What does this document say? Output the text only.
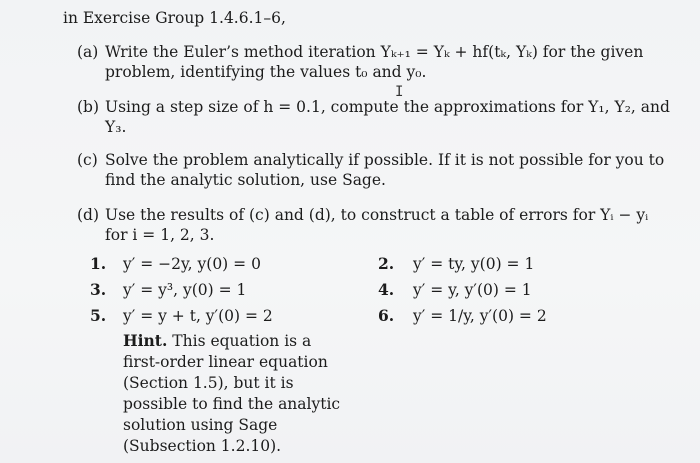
in Exercise Group 1.4.6.1–6,
(a) Write the Euler’s method iteration Yₖ₊₁ = Yₖ + hf(tₖ, Yₖ) for the given
problem, identifying the values t₀ and y₀.
I
(b) Using a step size of h = 0.1, compute the approximations for Y₁, Y₂, and
Y₃.
(c) Solve the problem analytically if possible. If it is not possible for you to
find the analytic solution, use Sage.
(d) Use the results of (c) and (d), to construct a table of errors for Yᵢ − yᵢ
for i = 1, 2, 3.
1. y′ = −2y, y(0) = 0
3. y′ = y³, y(0) = 1
5. y′ = y + t, y′(0) = 2
2. y′ = ty, y(0) = 1
4. y′ = y, y′(0) = 1
6. y′ = 1/y, y′(0) = 2
Hint. This equation is a
first-order linear equation
(Section 1.5), but it is
possible to find the analytic
solution using Sage
(Subsection 1.2.10).
